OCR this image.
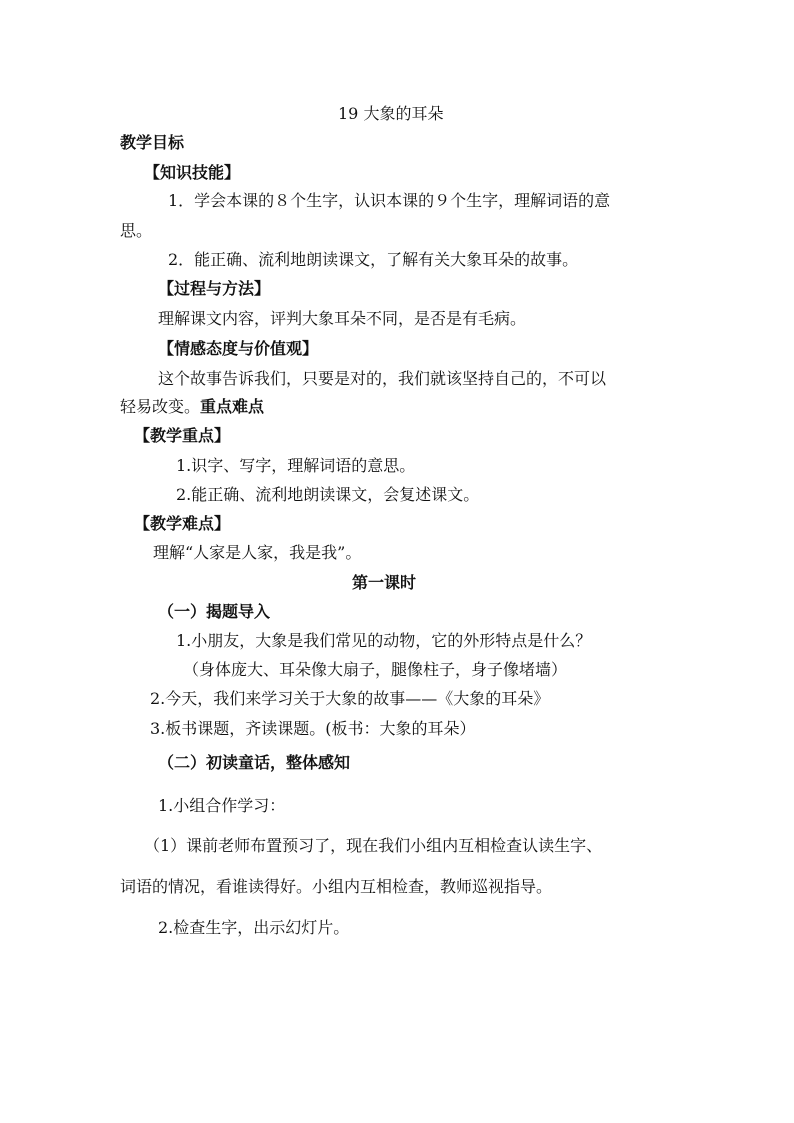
19 大象的耳朵
教学目标
【知识技能】
1．学会本课的８个生字，认识本课的９个生字，理解词语的意
思。
2．能正确、流利地朗读课文，了解有关大象耳朵的故事。
【过程与方法】
理解课文内容，评判大象耳朵不同，是否是有毛病。
【情感态度与价值观】
这个故事告诉我们，只要是对的，我们就该坚持自己的，不可以
轻易改变。重点难点
【教学重点】
1.识字、写字，理解词语的意思。
2.能正确、流利地朗读课文，会复述课文。
【教学难点】
理解“人家是人家，我是我”。
第一课时
（一）揭题导入
1.小朋友，大象是我们常见的动物，它的外形特点是什么？
（身体庞大、耳朵像大扇子，腿像柱子，身子像堵墙）
2.今天，我们来学习关于大象的故事——《大象的耳朵》
3.板书课题，齐读课题。(板书：大象的耳朵）
（二）初读童话，整体感知
1.小组合作学习：
（1）课前老师布置预习了，现在我们小组内互相检查认读生字、
词语的情况，看谁读得好。小组内互相检查，教师巡视指导。
2.检查生字，出示幻灯片。
